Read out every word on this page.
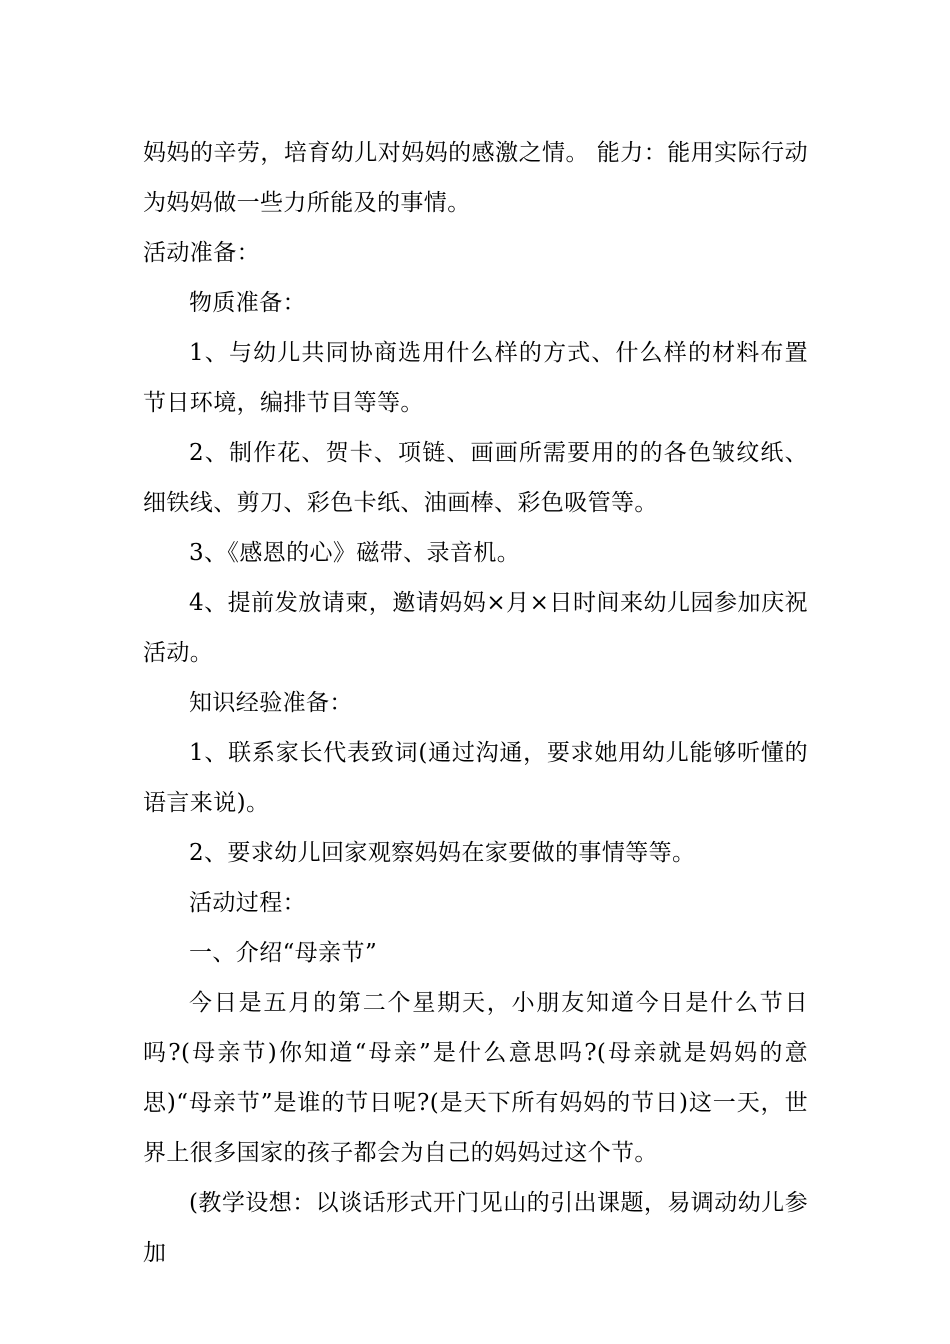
妈妈的辛劳，培育幼儿对妈妈的感激之情。 能力：能用实际行动为妈妈做一些力所能及的事情。

活动准备：

物质准备：

1、与幼儿共同协商选用什么样的方式、什么样的材料布置节日环境，编排节目等等。

2、制作花、贺卡、项链、画画所需要用的的各色皱纹纸、细铁线、剪刀、彩色卡纸、油画棒、彩色吸管等。

3、《感恩的心》磁带、录音机。

4、提前发放请柬，邀请妈妈×月×日时间来幼儿园参加庆祝活动。

知识经验准备：

1、联系家长代表致词(通过沟通，要求她用幼儿能够听懂的语言来说)。

2、要求幼儿回家观察妈妈在家要做的事情等等。

活动过程：

一、介绍“母亲节”

今日是五月的第二个星期天，小朋友知道今日是什么节日吗?(母亲节)你知道“母亲”是什么意思吗?(母亲就是妈妈的意思)“母亲节”是谁的节日呢?(是天下所有妈妈的节日)这一天，世界上很多国家的孩子都会为自己的妈妈过这个节。

(教学设想：以谈话形式开门见山的引出课题，易调动幼儿参加
